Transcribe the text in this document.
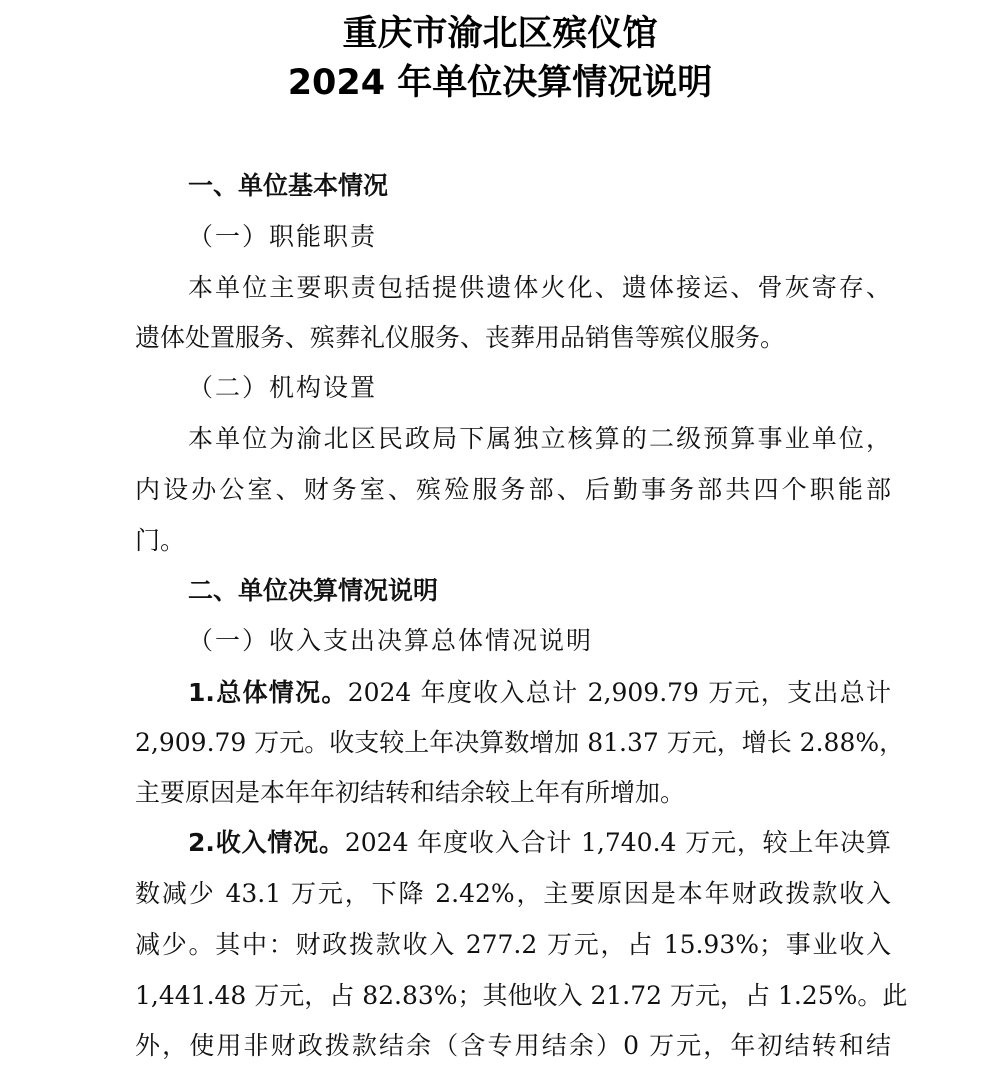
重庆市渝北区殡仪馆
2024 年单位决算情况说明
一、单位基本情况
（一）职能职责
本单位主要职责包括提供遗体火化、遗体接运、骨灰寄存、
遗体处置服务、殡葬礼仪服务、丧葬用品销售等殡仪服务。
（二）机构设置
本单位为渝北区民政局下属独立核算的二级预算事业单位，
内设办公室、财务室、殡殓服务部、后勤事务部共四个职能部
门。
二、单位决算情况说明
（一）收入支出决算总体情况说明
1.总体情况。2024 年度收入总计 2,909.79 万元，支出总计
2,909.79 万元。收支较上年决算数增加 81.37 万元，增长 2.88%，
主要原因是本年年初结转和结余较上年有所增加。
2.收入情况。2024 年度收入合计 1,740.4 万元，较上年决算
数减少 43.1 万元，下降 2.42%，主要原因是本年财政拨款收入
减少。其中：财政拨款收入 277.2 万元，占 15.93%；事业收入
1,441.48 万元，占 82.83%；其他收入 21.72 万元，占 1.25%。此
外，使用非财政拨款结余（含专用结余）0 万元，年初结转和结
